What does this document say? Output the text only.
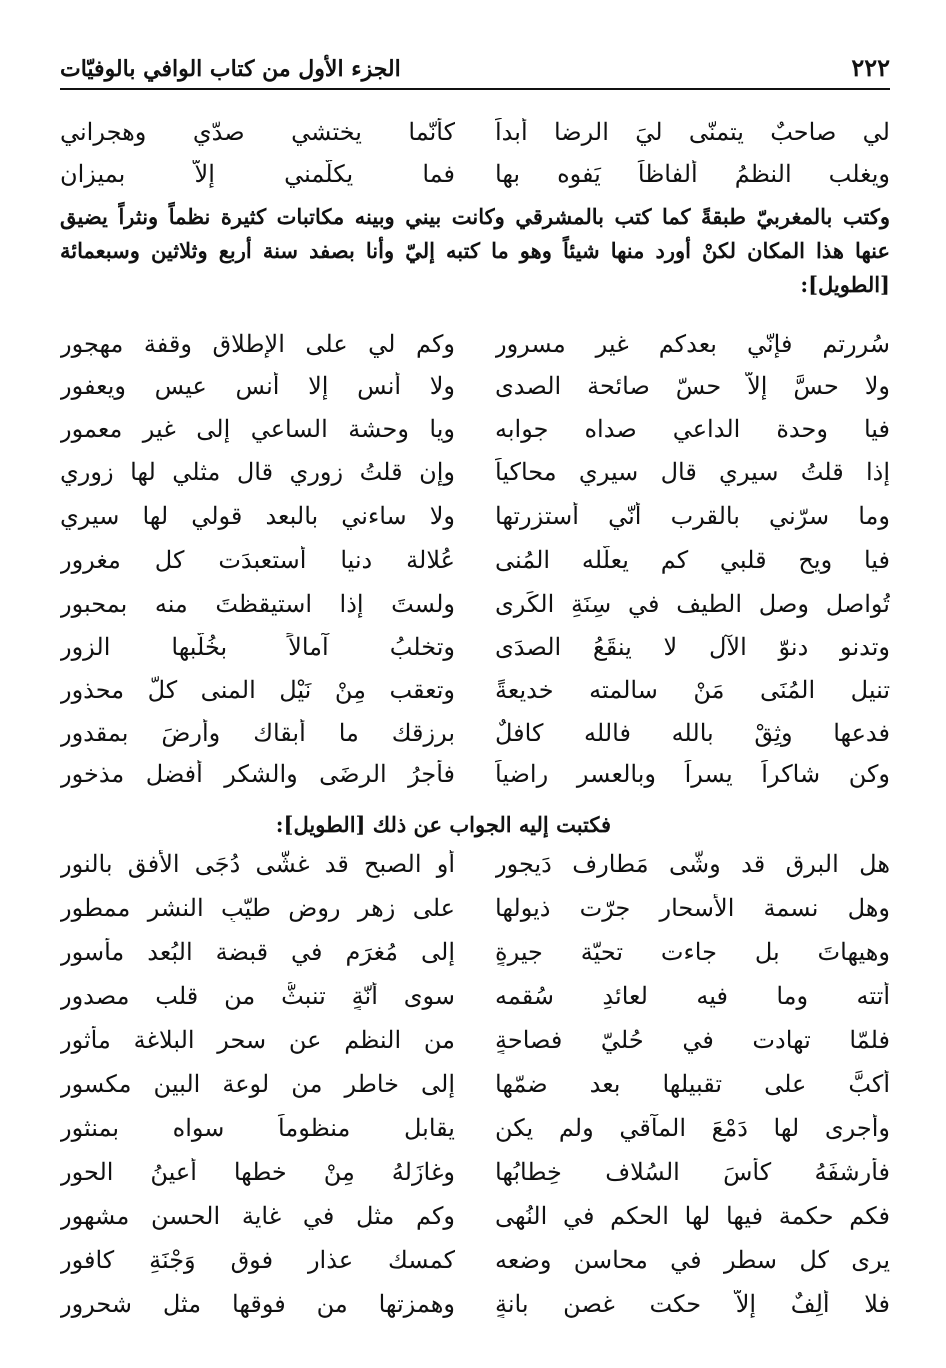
٢٢٢
الجزء الأول من كتاب الوافي بالوفيّات
لي صاحبٌ يتمنّى ليَ الرضا أبداً
كأنّما يختشي صدّي وهجراني
ويغلب النظمُ ألفاظاً يَفوه بها
فما يكلّمني إلاّ بميزان
وكتب بالمغربيّ طبقةً كما كتب بالمشرقي وكانت بيني وبينه مكاتبات كثيرة نظماً ونثراً يضيق عنها هذا المكان لكنْ أورد منها شيئاً وهو ما كتبه إليّ وأنا بصفد سنة أربع وثلاثين وسبعمائة [الطويل]:
سُررتم فإنّي بعدكم غير مسرورِ
وكم لي على الإطلاق وقفة مهجورِ
ولا حسَّ إلاّ حسّ صائحة الصدى
ولا أُنس إلا أنس عيسٍ ويعفورِ
فيا وحدة الداعي صداه جوابه
ويا وحشة الساعي إلى غير معمور
إذا قلتُ سيري قال سيري محاكياً
وإن قلتُ زوري قال مثلي لها زوري
وما سرّني بالقرب أنّي أستزرتها
ولا ساءني بالبعد قولي لها سيري
فيا ويح قلبي كم يعلّله المُنى
عُلالة دنيا أستعبدَت كل مغرورِ
تُواصل وصل الطيف في سِنَةِ الكَرى
ولستَ إذا استيقظتَ منه بمحبورِ
وتدنو دنوّ الآل لا ينقَعُ الصدَى
وتخلبُ آمالاً بخُلّبها الزورِ
تنيل المُنَى مَنْ سالمته خديعةً
وتعقب مِنْ نَيْلِ المنى كلَّ محذورِ
فدعها وثِقْ بالله فالله كافلٌ
برزقك ما أبقاك وأرضَ بمقدورِ
وكن شاكراً يسراً وبالعسر راضياً
فأجرُ الرضَى والشكر أفضل مذخورِ
فكتبت إليه الجواب عن ذلك [الطويل]:
هل البرق قد وشّى مَطارف دَيجور
أو الصبح قد غشّى دُجَى الأفق بالنورِ
وهل نسمة الأسحار جرّت ذيولها
على زهر روضٍ طيّبِ النشر ممطورِ
وهيهاتَ بل جاءت تحيّة جيرةٍ
إلى مُغرَم في قبضة البُعد مأسورِ
أتته وما فيه لعائدِ سُقمه
سوى أنّةٍ تنبثُّ من قلب مصدورِ
فلمّا تهادت في حُليّ فصاحةٍ
من النظم عن سحر البلاغة مأثورِ
أكبَّ على تقبيلها بعد ضمّها
إلى خاطرٍ من لوعة البين مكسورِ
وأجرى لها دَمْعَ المآقي ولم يكن
يقابل منظوماً سواه بمنثورِ
فأرشفَهُ كأسَ السُلاف خِطابُها
وغازَلهُ مِنْ خطها أعينُ الحورِ
فكم حكمة فيها لها الحكم في النُهى
وكم مثلٍ في غاية الحسن مشهورِ
يرى كل سطرٍ في محاسن وضعه
كمسك عذارٍ فوق وَجْنَةِ كافورِ
فلا ألِفٌ إلاّ حكت غصن بانةٍ
وهمزتها من فوقها مثل شحرورِ
